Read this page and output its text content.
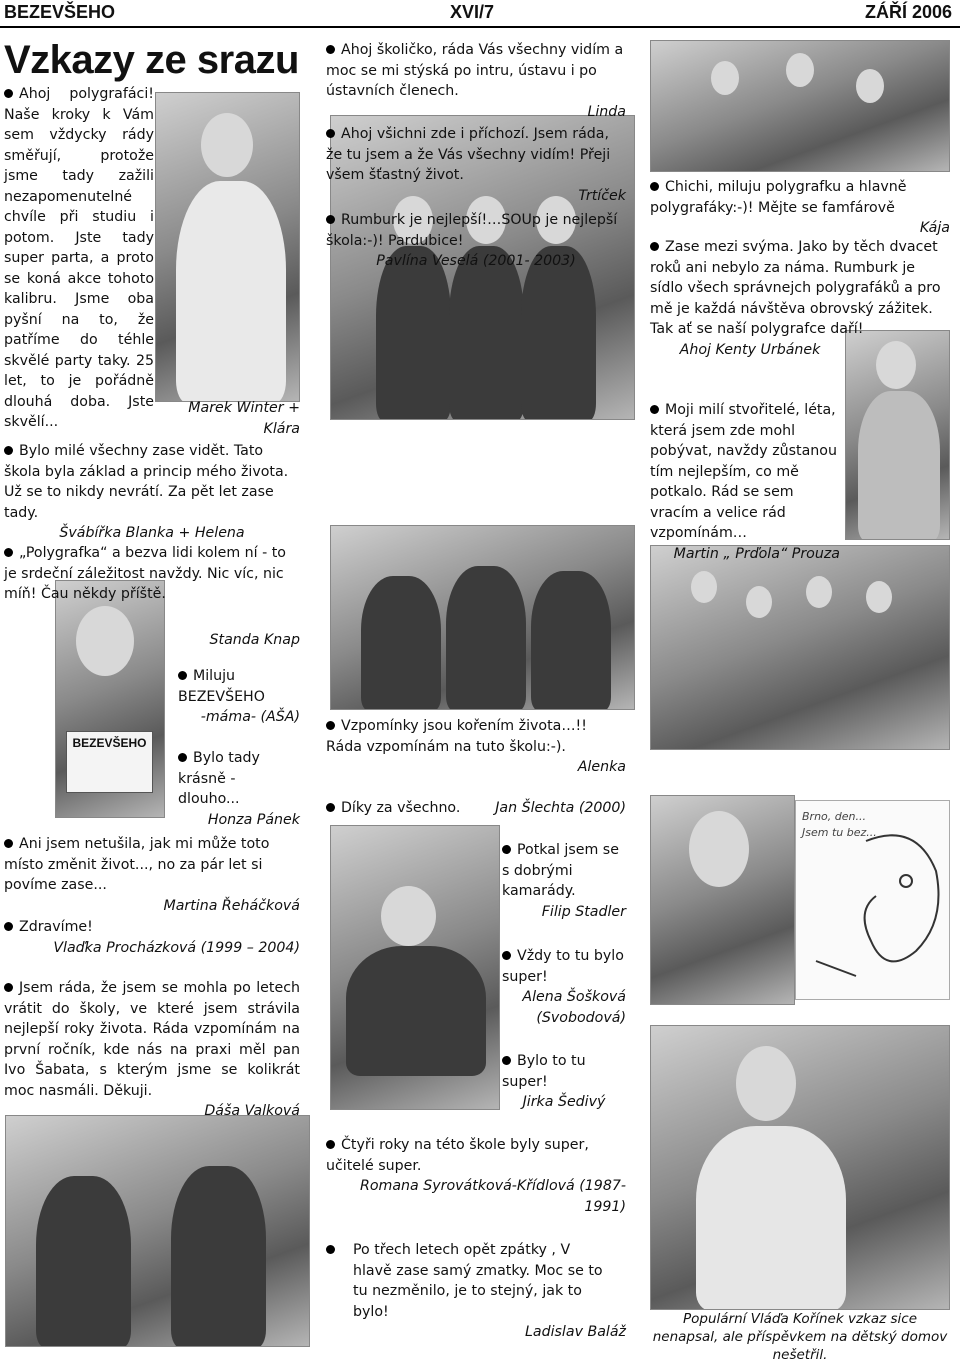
BEZEVŠEHO	XVI/7	ZÁŘÍ 2006
Vzkazy ze srazu
BEZEVŠEHO
Brno, den... Jsem tu bez...

Ahoj polygrafáci! Naše kroky k Vám sem vždycky rády směřují, protože jsme tady zažili nezapomenutelné chvíle při studiu i potom. Jste tady super parta, a proto se koná akce tohoto kalibru. Jsme oba pyšní na to, že patříme do téhle skvělé party taky. 25 let, to je pořádně dlouhá doba. Jste skvělí...

Marek Winter + Klára

Bylo milé všechny zase vidět. Tato škola byla základ a princip mého života. Už se to nikdy nevrátí. Za pět let zase tady.

Švábířka Blanka + Helena

„Polygrafka“ a bezva lidi kolem ní - to je srdeční záležitost navždy. Nic víc, nic míň! Čau někdy příště.

Standa Knap

Miluju BEZEVŠEHO

-máma- (AŠA)

Bylo tady krásně - dlouho...

Honza Pánek

Ani jsem netušila, jak mi může toto místo změnit život..., no za pár let si povíme zase...

Martina Řeháčková

Zdravíme!

Vlaďka Procházková (1999 – 2004)

Jsem ráda, že jsem se mohla po letech vrátit do školy, ve které jsem strávila nejlepší roky života. Ráda vzpomínám na první ročník, kde nás na praxi měl pan Ivo Šabata, s kterým jsme se kolikrát moc nasmáli. Děkuji.

Dáša Valková

Ahoj školičko, ráda Vás všechny vidím a moc se mi stýská po intru, ústavu i po ústavních členech.

Linda

Ahoj všichni zde i příchozí. Jsem ráda, že tu jsem a že Vás všechny vidím! Přeji všem šťastný život.

Trtíček

Rumburk je nejlepší!…SOUp je nejlepší škola:-)! Pardubice!

Pavlína Veselá (2001- 2003)

Vzpomínky jsou kořením života…!! Ráda vzpomínám na tuto školu:-).

Alenka

Díky za všechno. Jan Šlechta (2000)

Potkal jsem se s dobrými kamarády.

Filip Stadler

Vždy to tu bylo super!

Alena Šošková (Svobodová)

Bylo to tu super!

Jirka Šedivý

Čtyři roky na této škole byly super, učitelé super.

Romana Syrovátková-Křídlová (1987-1991)

Po třech letech opět zpátky , V hlavě zase samý zmatky. Moc se to tu nezměnilo, je to stejný, jak to bylo!

Ladislav Baláž

Chichi, miluju polygrafku a hlavně polygrafáky:-)! Mějte se famfárově

Kája

Zase mezi svýma. Jako by těch dvacet roků ani nebylo za náma. Rumburk je sídlo všech správnejch polygrafáků a pro mě je každá návštěva obrovský zážitek. Tak ať se naší polygrafce daří!

Ahoj Kenty Urbánek

Moji milí stvořitelé, léta, která jsem zde mohl pobývat, navždy zůstanou tím nejlepším, co mě potkalo. Rád se sem vracím a velice rád vzpomínám…

Martin „ Prďola“ Prouza
Populární Vláďa Kořínek vzkaz sice nenapsal, ale příspěvkem na dětský domov nešetřil.
